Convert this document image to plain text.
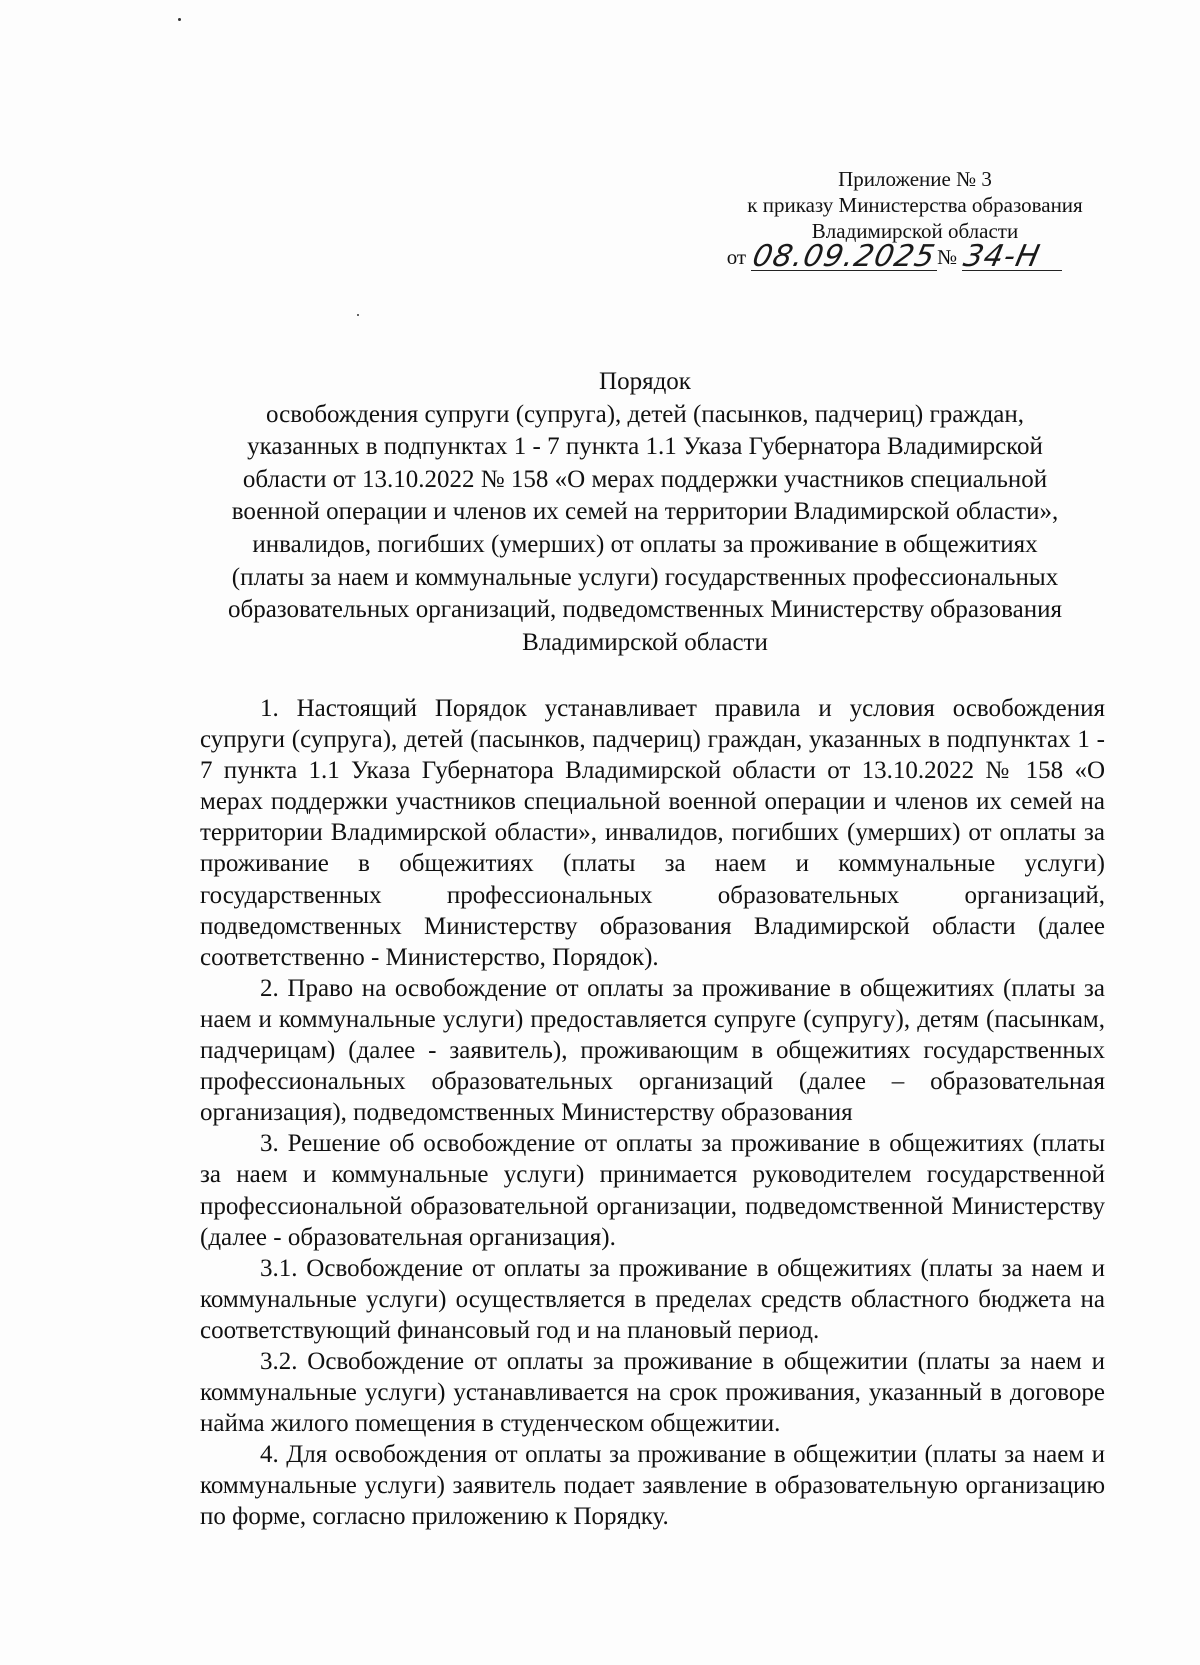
Приложение № 3
к приказу Министерства образования
Владимирской области
от 08.09.2025№ 34-Н
Порядок
освобождения супруги (супруга), детей (пасынков, падчериц) граждан,
указанных в подпунктах 1 - 7 пункта 1.1 Указа Губернатора Владимирской
области от 13.10.2022 № 158 «О мерах поддержки участников специальной
военной операции и членов их семей на территории Владимирской области»,
инвалидов, погибших (умерших) от оплаты за проживание в общежитиях
(платы за наем и коммунальные услуги) государственных профессиональных
образовательных организаций, подведомственных Министерству образования
Владимирской области

1. Настоящий Порядок устанавливает правила и условия освобождения супруги (супруга), детей (пасынков, падчериц) граждан, указанных в подпунктах 1 - 7 пункта 1.1 Указа Губернатора Владимирской области от 13.10.2022 № 158 «О мерах поддержки участников специальной военной операции и членов их семей на территории Владимирской области», инвалидов, погибших (умерших) от оплаты за проживание в общежитиях (платы за наем и коммунальные услуги) государственных профессиональных образовательных организаций, подведомственных Министерству образования Владимирской области (далее соответственно - Министерство, Порядок).

2. Право на освобождение от оплаты за проживание в общежитиях (платы за наем и коммунальные услуги) предоставляется супруге (супругу), детям (пасынкам, падчерицам) (далее - заявитель), проживающим в общежитиях государственных профессиональных образовательных организаций (далее – образовательная организация), подведомственных Министерству образования

3. Решение об освобождение от оплаты за проживание в общежитиях (платы за наем и коммунальные услуги) принимается руководителем государственной профессиональной образовательной организации, подведомственной Министерству (далее - образовательная организация).

3.1. Освобождение от оплаты за проживание в общежитиях (платы за наем и коммунальные услуги) осуществляется в пределах средств областного бюджета на соответствующий финансовый год и на плановый период.

3.2. Освобождение от оплаты за проживание в общежитии (платы за наем и коммунальные услуги) устанавливается на срок проживания, указанный в договоре найма жилого помещения в студенческом общежитии.

4. Для освобождения от оплаты за проживание в общежитии (платы за наем и коммунальные услуги) заявитель подает заявление в образовательную организацию по форме, согласно приложению к Порядку.
